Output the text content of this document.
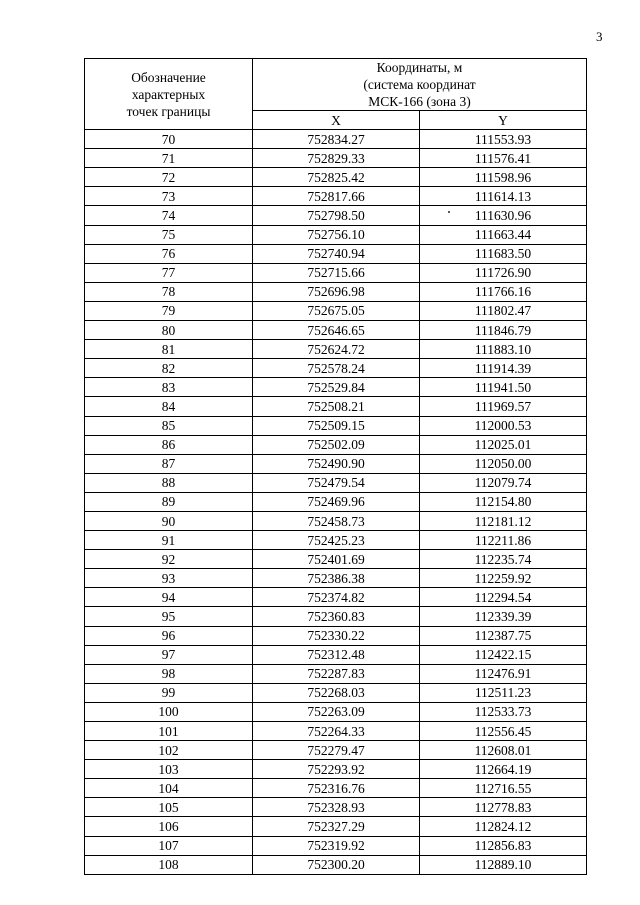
3
Обозначение
характерных
точек границы	Координаты, м
(система координат
МСК-166 (зона 3)	

	X	Y
70	752834.27	111553.93
71	752829.33	111576.41
72	752825.42	111598.96
73	752817.66	111614.13
74	752798.50	111630.96
75	752756.10	111663.44
76	752740.94	111683.50
77	752715.66	111726.90
78	752696.98	111766.16
79	752675.05	111802.47
80	752646.65	111846.79
81	752624.72	111883.10
82	752578.24	111914.39
83	752529.84	111941.50
84	752508.21	111969.57
85	752509.15	112000.53
86	752502.09	112025.01
87	752490.90	112050.00
88	752479.54	112079.74
89	752469.96	112154.80
90	752458.73	112181.12
91	752425.23	112211.86
92	752401.69	112235.74
93	752386.38	112259.92
94	752374.82	112294.54
95	752360.83	112339.39
96	752330.22	112387.75
97	752312.48	112422.15
98	752287.83	112476.91
99	752268.03	112511.23
100	752263.09	112533.73
101	752264.33	112556.45
102	752279.47	112608.01
103	752293.92	112664.19
104	752316.76	112716.55
105	752328.93	112778.83
106	752327.29	112824.12
107	752319.92	112856.83
108	752300.20	112889.10
